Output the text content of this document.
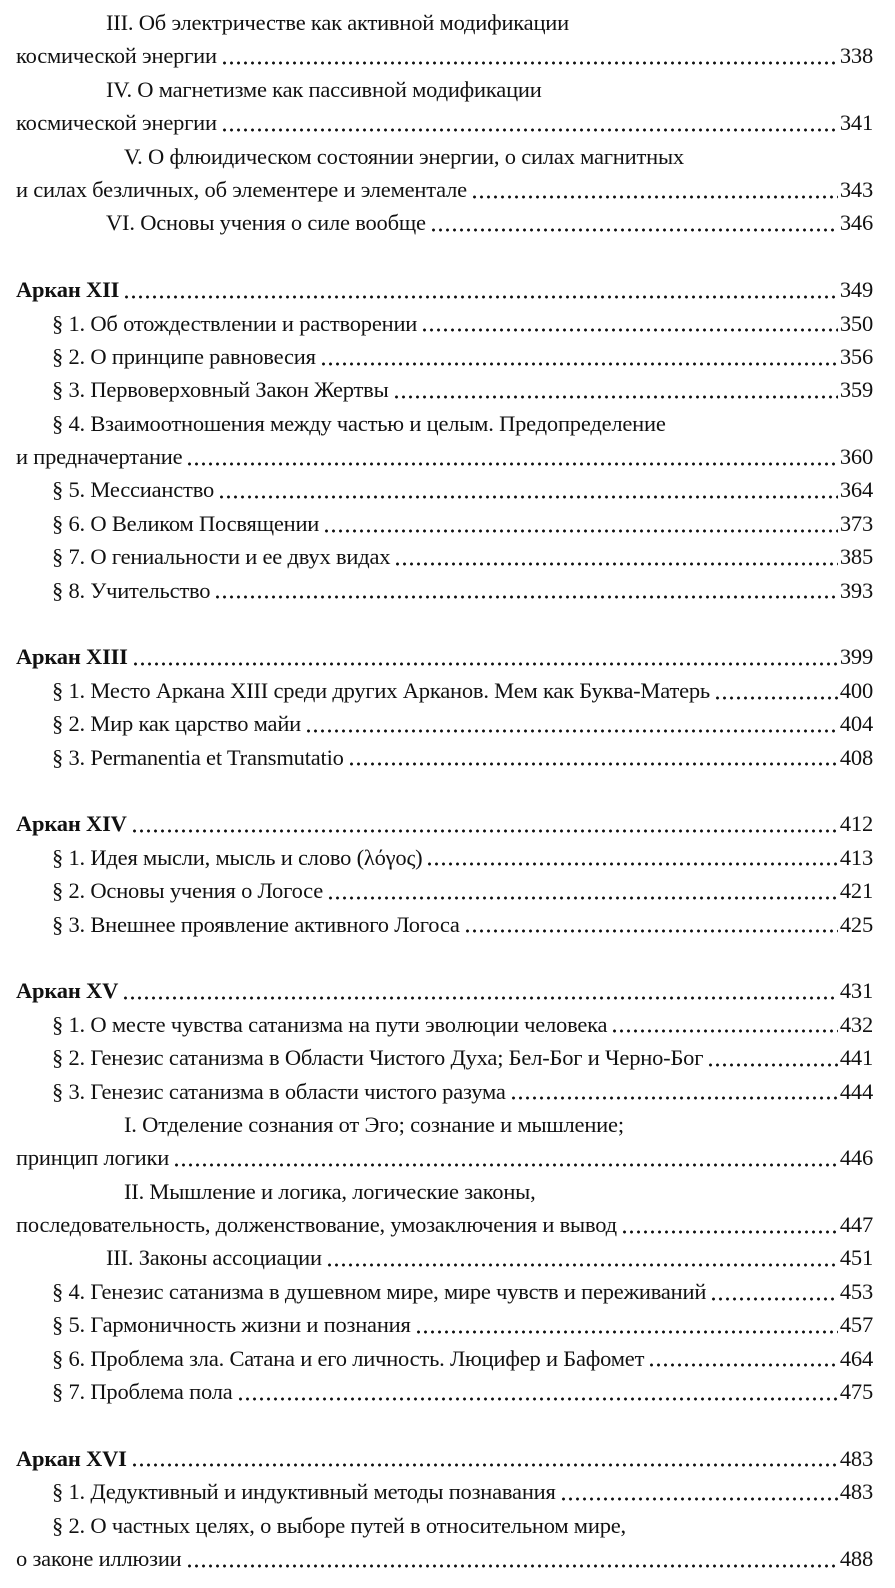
III. Об электричестве как активной модификации
космической энергии	338
IV. О магнетизме как пассивной модификации
космической энергии	341
V. О флюидическом состоянии энергии, о силах магнитных
и силах безличных, об элементере и элементале	343
VI. Основы учения о силе вообще	346
Аркан XII	349
§ 1. Об отождествлении и растворении	350
§ 2. О принципе равновесия	356
§ 3. Первоверховный Закон Жертвы	359
§ 4. Взаимоотношения между частью и целым. Предопределение
и предначертание	360
§ 5. Мессианство	364
§ 6. О Великом Посвящении	373
§ 7. О гениальности и ее двух видах	385
§ 8. Учительство	393
Аркан XIII	399
§ 1. Место Аркана XIII среди других Арканов. Мем как Буква-Матерь	400
§ 2. Мир как царство майи	404
§ 3. Permanentia et Transmutatio	408
Аркан XIV	412
§ 1. Идея мысли, мысль и слово (λόγος)	413
§ 2. Основы учения о Логосе	421
§ 3. Внешнее проявление активного Логоса	425
Аркан XV	431
§ 1. О месте чувства сатанизма на пути эволюции человека	432
§ 2. Генезис сатанизма в Области Чистого Духа; Бел-Бог и Черно-Бог	441
§ 3. Генезис сатанизма в области чистого разума	444
I. Отделение сознания от Эго; сознание и мышление;
принцип логики	446
II. Мышление и логика, логические законы,
последовательность, долженствование, умозаключения и вывод	447
III. Законы ассоциации	451
§ 4. Генезис сатанизма в душевном мире, мире чувств и переживаний	453
§ 5. Гармоничность жизни и познания	457
§ 6. Проблема зла. Сатана и его личность. Люцифер и Бафомет	464
§ 7. Проблема пола	475
Аркан XVI	483
§ 1. Дедуктивный и индуктивный методы познавания	483
§ 2. О частных целях, о выборе путей в относительном мире,
о законе иллюзии	488
